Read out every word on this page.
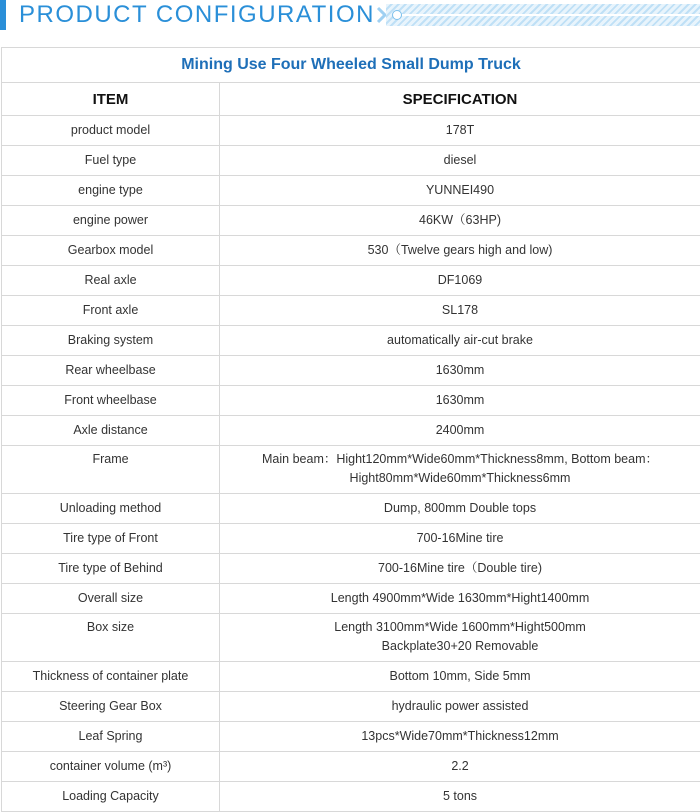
PRODUCT CONFIGURATION
Mining Use Four Wheeled Small Dump Truck	
ITEM	SPECIFICATION
product model	178T
Fuel type	diesel
engine type	YUNNEI490
engine power	46KW（63HP)
Gearbox model	530（Twelve gears high and low)
Real axle	DF1069
Front axle	SL178
Braking system	automatically air-cut brake
Rear wheelbase	1630mm
Front wheelbase	1630mm
Axle distance	2400mm
Frame	Main beam：Hight120mm*Wide60mm*Thickness8mm, Bottom beam：
Hight80mm*Wide60mm*Thickness6mm

Unloading method	Dump, 800mm Double tops
Tire type of Front	700-16Mine tire
Tire type of Behind	700-16Mine tire（Double tire)
Overall size	Length 4900mm*Wide 1630mm*Hight1400mm
Box size	Length 3100mm*Wide 1600mm*Hight500mm
Backplate30+20 Removable

Thickness of container plate	Bottom 10mm, Side 5mm
Steering Gear Box	hydraulic power assisted
Leaf Spring	13pcs*Wide70mm*Thickness12mm
container volume (m³)	2.2
Loading Capacity	5 tons
